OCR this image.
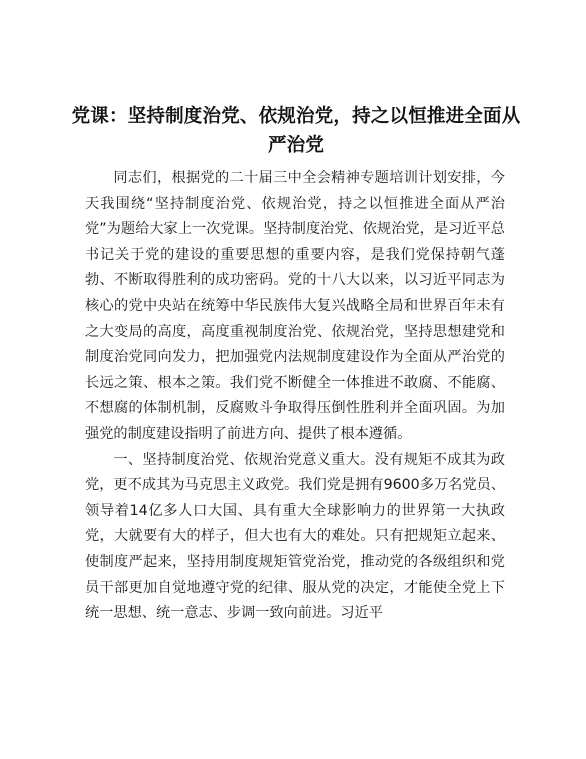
党课：坚持制度治党、依规治党，持之以恒推进全面从严治党

同志们，根据党的二十届三中全会精神专题培训计划安排，今天我围绕“坚持制度治党、依规治党，持之以恒推进全面从严治党”为题给大家上一次党课。坚持制度治党、依规治党，是习近平总书记关于党的建设的重要思想的重要内容，是我们党保持朝气蓬勃、不断取得胜利的成功密码。党的十八大以来，以习近平同志为核心的党中央站在统筹中华民族伟大复兴战略全局和世界百年未有之大变局的高度，高度重视制度治党、依规治党，坚持思想建党和制度治党同向发力，把加强党内法规制度建设作为全面从严治党的长远之策、根本之策。我们党不断健全一体推进不敢腐、不能腐、不想腐的体制机制，反腐败斗争取得压倒性胜利并全面巩固。为加强党的制度建设指明了前进方向、提供了根本遵循。

一、坚持制度治党、依规治党意义重大。没有规矩不成其为政党，更不成其为马克思主义政党。我们党是拥有9600多万名党员、领导着14亿多人口大国、具有重大全球影响力的世界第一大执政党，大就要有大的样子，但大也有大的难处。只有把规矩立起来、使制度严起来，坚持用制度规矩管党治党，推动党的各级组织和党员干部更加自觉地遵守党的纪律、服从党的决定，才能使全党上下统一思想、统一意志、步调一致向前进。习近平
